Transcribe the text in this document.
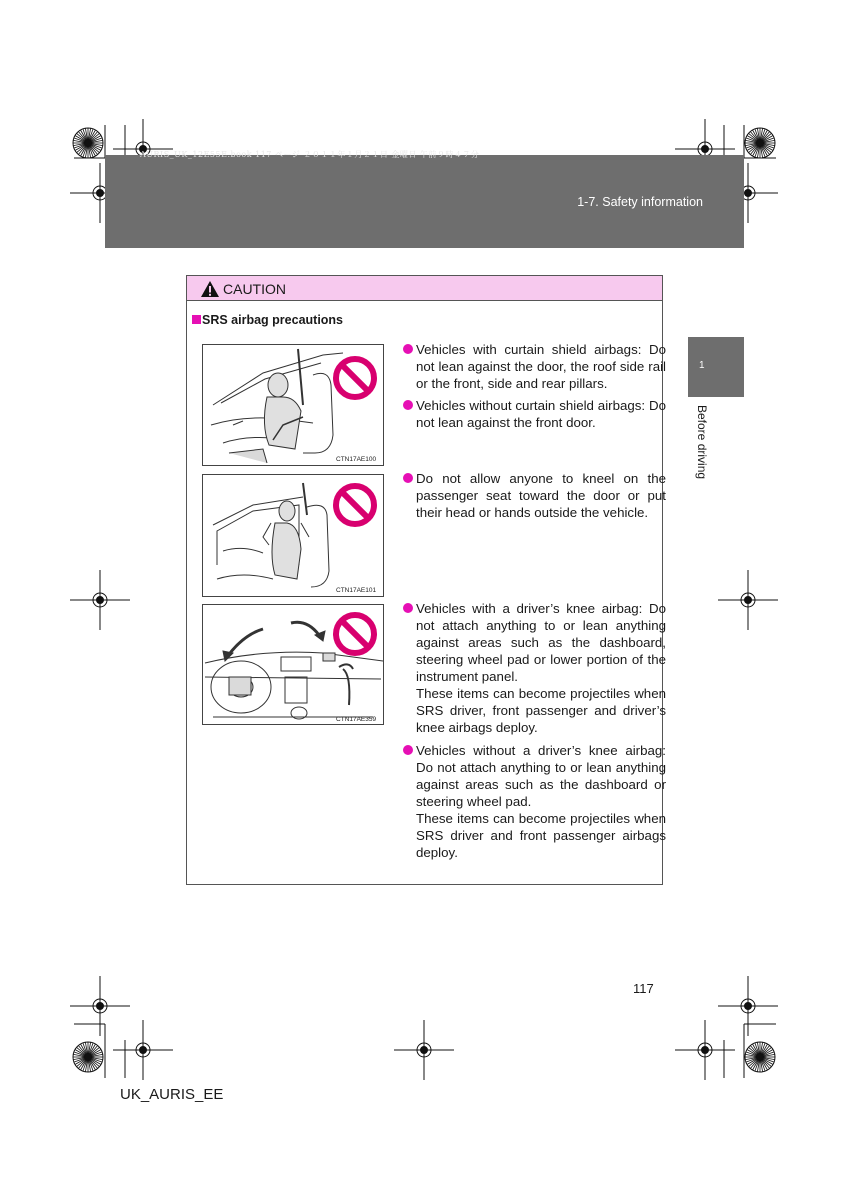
AURIS_UK_12E55E.book 117 ページ ２０１１年１月２１日 金曜日 午前９時４７分
1-7. Safety information
1
Before driving
CAUTION
SRS airbag precautions
CTN17AE100
CTN17AE101
CTN17AE359

Vehicles with curtain shield airbags: Do not lean against the door, the roof side rail or the front, side and rear pillars.

Vehicles without curtain shield airbags: Do not lean against the front door.

Do not allow anyone to kneel on the passenger seat toward the door or put their head or hands outside the vehicle.

Vehicles with a driver’s knee airbag: Do not attach anything to or lean anything against areas such as the dashboard, steering wheel pad or lower portion of the instrument panel.

These items can become projectiles when SRS driver, front passenger and driver’s knee airbags deploy.

Vehicles without a driver’s knee airbag: Do not attach anything to or lean anything against areas such as the dashboard or steering wheel pad.

These items can become projectiles when SRS driver and front passenger airbags deploy.

117
UK_AURIS_EE
